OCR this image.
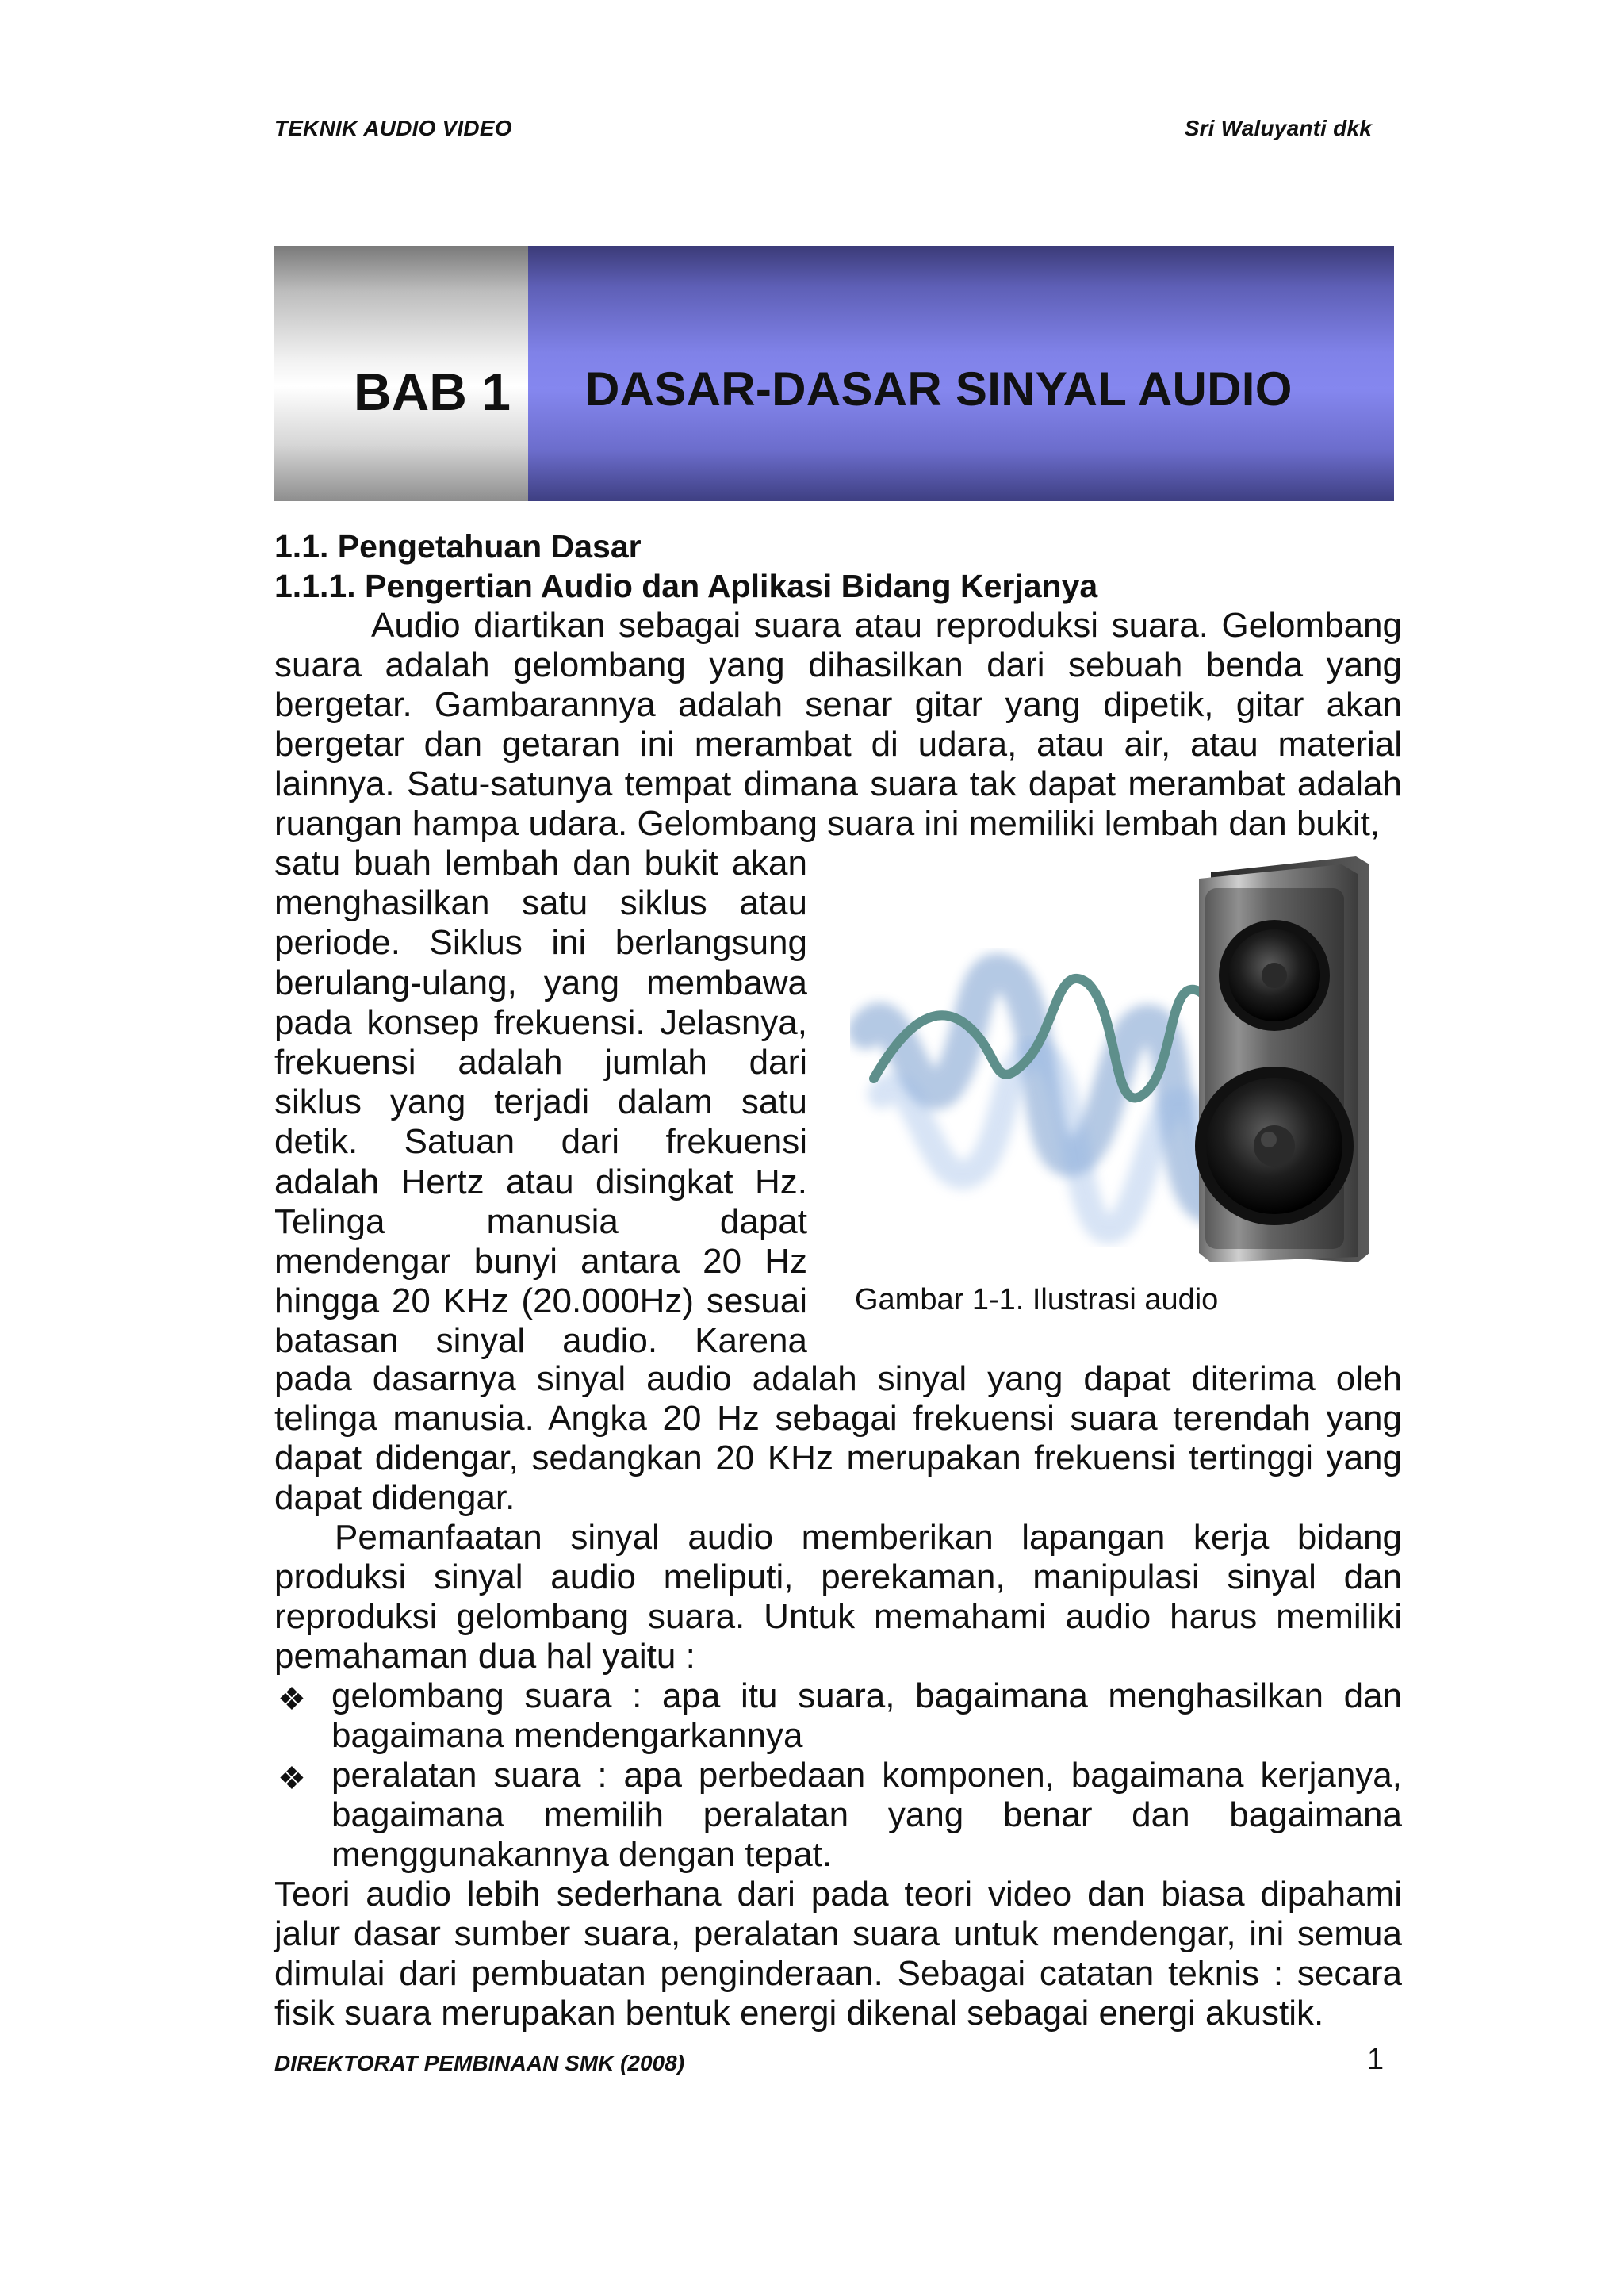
TEKNIK AUDIO VIDEO	Sri Waluyanti dkk
BAB 1 DASAR-DASAR SINYAL AUDIO
1.1. Pengetahuan Dasar
1.1.1. Pengertian Audio dan Aplikasi Bidang Kerjanya

Audio diartikan sebagai suara atau reproduksi suara. Gelombang suara adalah gelombang yang dihasilkan dari sebuah benda yang bergetar. Gambarannya adalah senar gitar yang dipetik, gitar akan bergetar dan getaran ini merambat di udara, atau air, atau material lainnya. Satu-satunya tempat dimana suara tak dapat merambat adalah ruangan hampa udara. Gelombang suara ini memiliki lembah dan bukit,

satu buah lembah dan bukit akan
menghasilkan satu siklus atau
periode. Siklus ini berlangsung
berulang-ulang, yang membawa
pada konsep frekuensi. Jelasnya,
frekuensi adalah jumlah dari
siklus yang terjadi dalam satu
detik. Satuan dari frekuensi
adalah Hertz atau disingkat Hz.
Telinga manusia dapat
mendengar bunyi antara 20 Hz
hingga 20 KHz (20.000Hz) sesuai
batasan sinyal audio. Karena

Gambar 1-1. Ilustrasi audio

pada dasarnya sinyal audio adalah sinyal yang dapat diterima oleh telinga manusia. Angka 20 Hz sebagai frekuensi suara terendah yang dapat didengar, sedangkan 20 KHz merupakan frekuensi tertinggi yang dapat didengar.

Pemanfaatan sinyal audio memberikan lapangan kerja bidang produksi sinyal audio meliputi, perekaman, manipulasi sinyal dan reproduksi gelombang suara. Untuk memahami audio harus memiliki pemahaman dua hal yaitu :

❖ gelombang suara : apa itu suara, bagaimana menghasilkan dan bagaimana mendengarkannya
❖ peralatan suara : apa perbedaan komponen, bagaimana kerjanya, bagaimana memilih peralatan yang benar dan bagaimana menggunakannya dengan tepat.

Teori audio lebih sederhana dari pada teori video dan biasa dipahami jalur dasar sumber suara, peralatan suara untuk mendengar, ini semua dimulai dari pembuatan penginderaan. Sebagai catatan teknis : secara fisik suara merupakan bentuk energi dikenal sebagai energi akustik.

DIREKTORAT PEMBINAAN SMK (2008)	1
